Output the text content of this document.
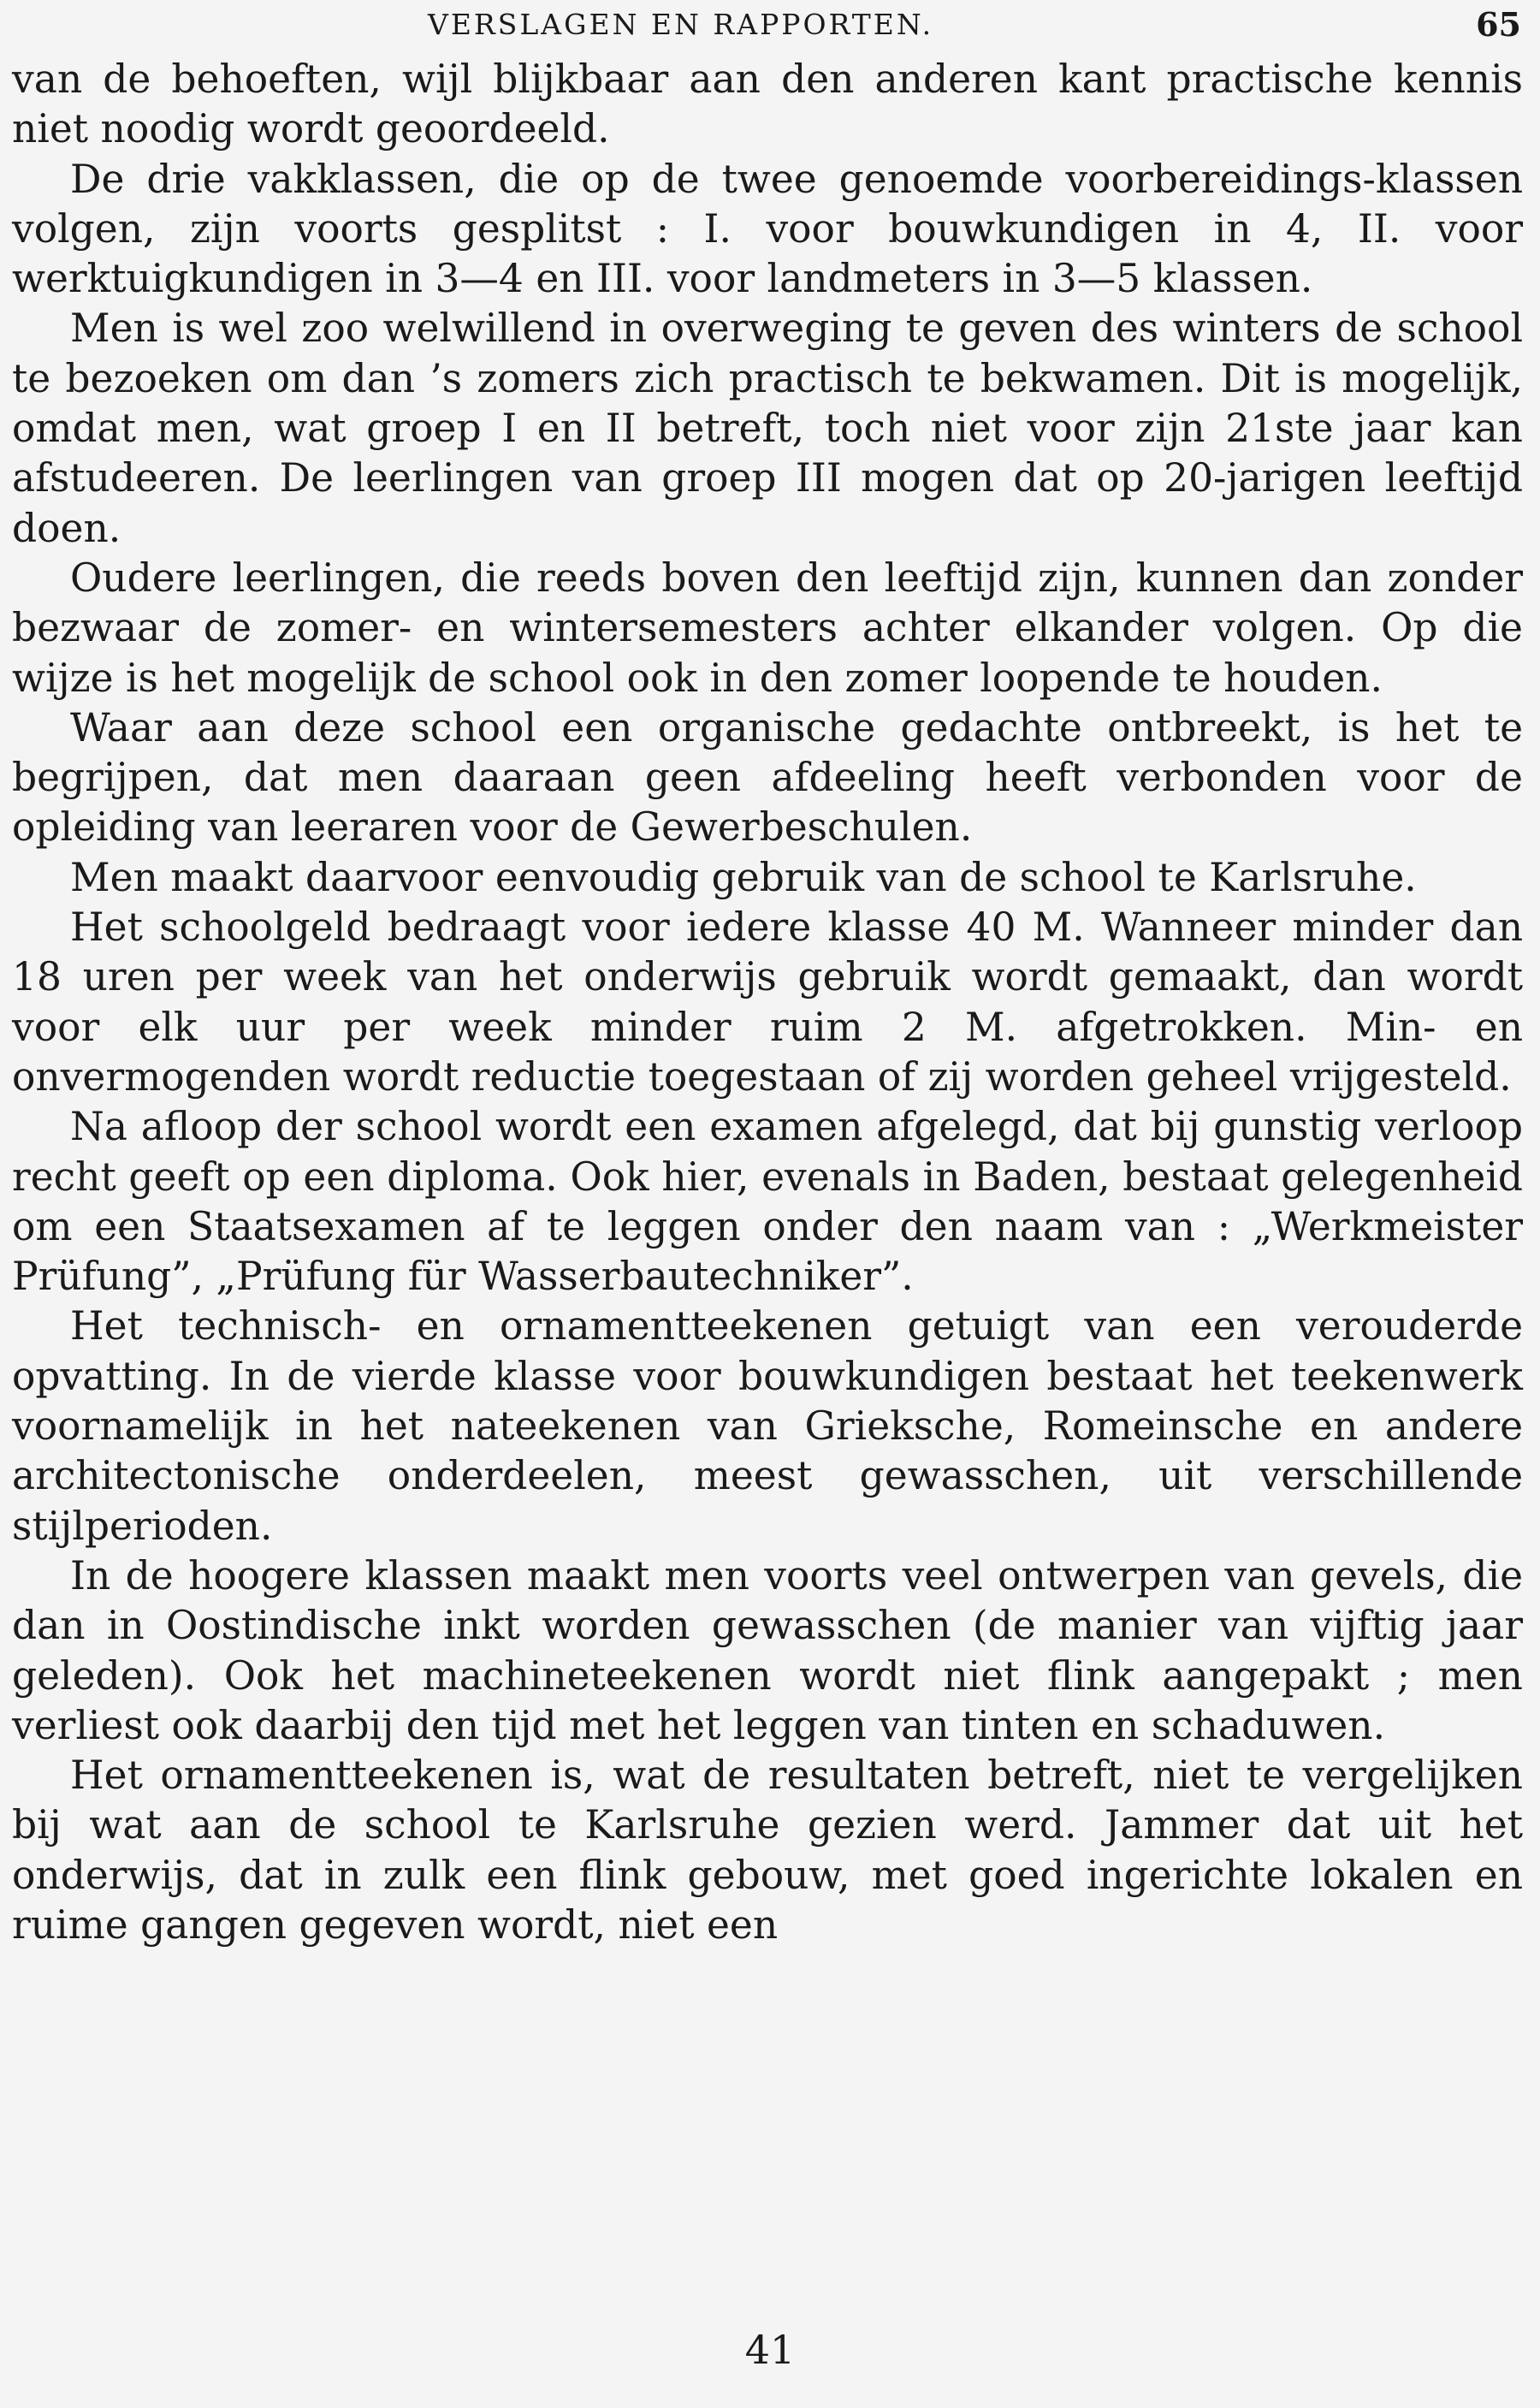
VERSLAGEN EN RAPPORTEN.	65

van de behoeften, wijl blijkbaar aan den anderen kant practische kennis niet noodig wordt geoordeeld.

De drie vakklassen, die op de twee genoemde voorbereidings-klassen volgen, zijn voorts gesplitst : I. voor bouwkundigen in 4, II. voor werktuigkundigen in 3—4 en III. voor landmeters in 3—5 klassen.

Men is wel zoo welwillend in overweging te geven des winters de school te bezoeken om dan ’s zomers zich practisch te bekwamen. Dit is mogelijk, omdat men, wat groep I en II betreft, toch niet voor zijn 21ste jaar kan afstudeeren. De leerlingen van groep III mogen dat op 20-jarigen leeftijd doen.

Oudere leerlingen, die reeds boven den leeftijd zijn, kunnen dan zonder bezwaar de zomer- en wintersemesters achter elkander volgen. Op die wijze is het mogelijk de school ook in den zomer loopende te houden.

Waar aan deze school een organische gedachte ontbreekt, is het te begrijpen, dat men daaraan geen afdeeling heeft verbonden voor de opleiding van leeraren voor de Gewerbeschulen.

Men maakt daarvoor eenvoudig gebruik van de school te Karlsruhe.

Het schoolgeld bedraagt voor iedere klasse 40 M. Wanneer minder dan 18 uren per week van het onderwijs gebruik wordt gemaakt, dan wordt voor elk uur per week minder ruim 2 M. afgetrokken. Min- en onvermogenden wordt reductie toegestaan of zij worden geheel vrijgesteld.

Na afloop der school wordt een examen afgelegd, dat bij gunstig verloop recht geeft op een diploma. Ook hier, evenals in Baden, bestaat gelegenheid om een Staatsexamen af te leggen onder den naam van : „Werkmeister Prüfung”, „Prüfung für Wasserbautechniker”.

Het technisch- en ornamentteekenen getuigt van een verouderde opvatting. In de vierde klasse voor bouwkundigen bestaat het teekenwerk voornamelijk in het nateekenen van Grieksche, Romeinsche en andere architectonische onderdeelen, meest gewasschen, uit verschillende stijlperioden.

In de hoogere klassen maakt men voorts veel ontwerpen van gevels, die dan in Oostindische inkt worden gewasschen (de manier van vijftig jaar geleden). Ook het machineteekenen wordt niet flink aangepakt ; men verliest ook daarbij den tijd met het leggen van tinten en schaduwen.

Het ornamentteekenen is, wat de resultaten betreft, niet te vergelijken bij wat aan de school te Karlsruhe gezien werd. Jammer dat uit het onderwijs, dat in zulk een flink gebouw, met goed ingerichte lokalen en ruime gangen gegeven wordt, niet een

41
